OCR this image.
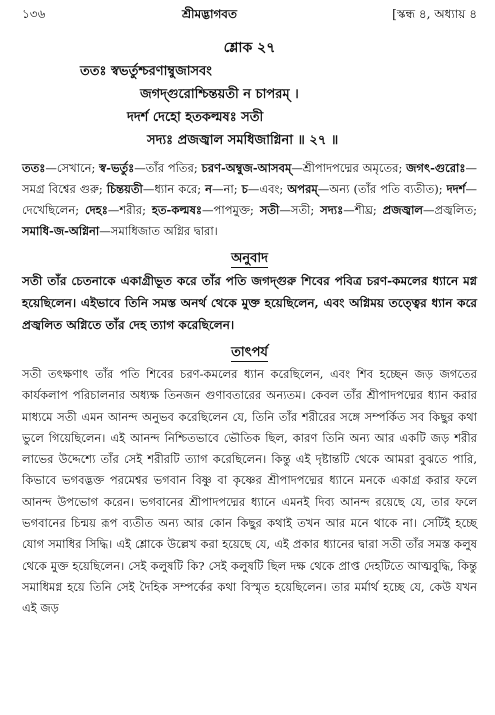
১৩৬	শ্রীমদ্ভাগবত	[স্কন্ধ ৪, অধ্যায় ৪
শ্লোক ২৭
ততঃ স্বভর্তুশ্চরণাম্বুজাসবং
জগদ্গুরোশ্চিন্তয়তী ন চাপরম্ ।
দদর্শ দেহো হতকল্মষঃ সতী
সদ্যঃ প্রজজ্বাল সমধিজাগ্নিনা ॥ ২৭ ॥
ততঃ—সেখানে; স্ব-ভর্তুঃ—তাঁর পতির; চরণ-অম্বুজ-আসবম্—শ্রীপাদপদ্মের অমৃতের; জগৎ-গুরোঃ—সমগ্র বিশ্বের গুরু; চিন্তয়তী—ধ্যান করে; ন—না; চ—এবং; অপরম্—অন্য (তাঁর পতি ব্যতীত); দদর্শ—দেখেছিলেন; দেহঃ—শরীর; হত-কল্মষঃ—পাপমুক্ত; সতী—সতী; সদ্যঃ—শীঘ্র; প্রজজ্বাল—প্রজ্বলিত; সমাধি-জ-অগ্নিনা—সমাধিজাত অগ্নির দ্বারা।
অনুবাদ
সতী তাঁর চেতনাকে একাগ্রীভূত করে তাঁর পতি জগদ্গুরু শিবের পবিত্র চরণ-কমলের ধ্যানে মগ্ন হয়েছিলেন। এইভাবে তিনি সমস্ত অনর্থ থেকে মুক্ত হয়েছিলেন, এবং অগ্নিময় তত্ত্বের ধ্যান করে প্রজ্বলিত অগ্নিতে তাঁর দেহ ত্যাগ করেছিলেন।
তাৎপর্য
সতী তৎক্ষণাৎ তাঁর পতি শিবের চরণ-কমলের ধ্যান করেছিলেন, এবং শিব হচ্ছেন জড় জগতের কার্যকলাপ পরিচালনার অধ্যক্ষ তিনজন গুণাবতারের অন্যতম। কেবল তাঁর শ্রীপাদপদ্মের ধ্যান করার মাধ্যমে সতী এমন আনন্দ অনুভব করেছিলেন যে, তিনি তাঁর শরীরের সঙ্গে সম্পর্কিত সব কিছুর কথা ভুলে গিয়েছিলেন। এই আনন্দ নিশ্চিতভাবে ভৌতিক ছিল, কারণ তিনি অন্য আর একটি জড় শরীর লাভের উদ্দেশ্যে তাঁর সেই শরীরটি ত্যাগ করেছিলেন। কিন্তু এই দৃষ্টান্তটি থেকে আমরা বুঝতে পারি, কিভাবে ভগবদ্ভক্ত পরমেশ্বর ভগবান বিষ্ণু বা কৃষ্ণের শ্রীপাদপদ্মের ধ্যানে মনকে একাগ্র করার ফলে আনন্দ উপভোগ করেন। ভগবানের শ্রীপাদপদ্মের ধ্যানে এমনই দিব্য আনন্দ রয়েছে যে, তার ফলে ভগবানের চিন্ময় রূপ ব্যতীত অন্য আর কোন কিছুর কথাই তখন আর মনে থাকে না। সেটিই হচ্ছে যোগ সমাধির সিদ্ধি। এই শ্লোকে উল্লেখ করা হয়েছে যে, এই প্রকার ধ্যানের দ্বারা সতী তাঁর সমস্ত কলুষ থেকে মুক্ত হয়েছিলেন। সেই কলুষটি কি? সেই কলুষটি ছিল দক্ষ থেকে প্রাপ্ত দেহটিতে আত্মবুদ্ধি, কিন্তু সমাধিমগ্ন হয়ে তিনি সেই দৈহিক সম্পর্কের কথা বিস্মৃত হয়েছিলেন। তার মর্মার্থ হচ্ছে যে, কেউ যখন এই জড়
